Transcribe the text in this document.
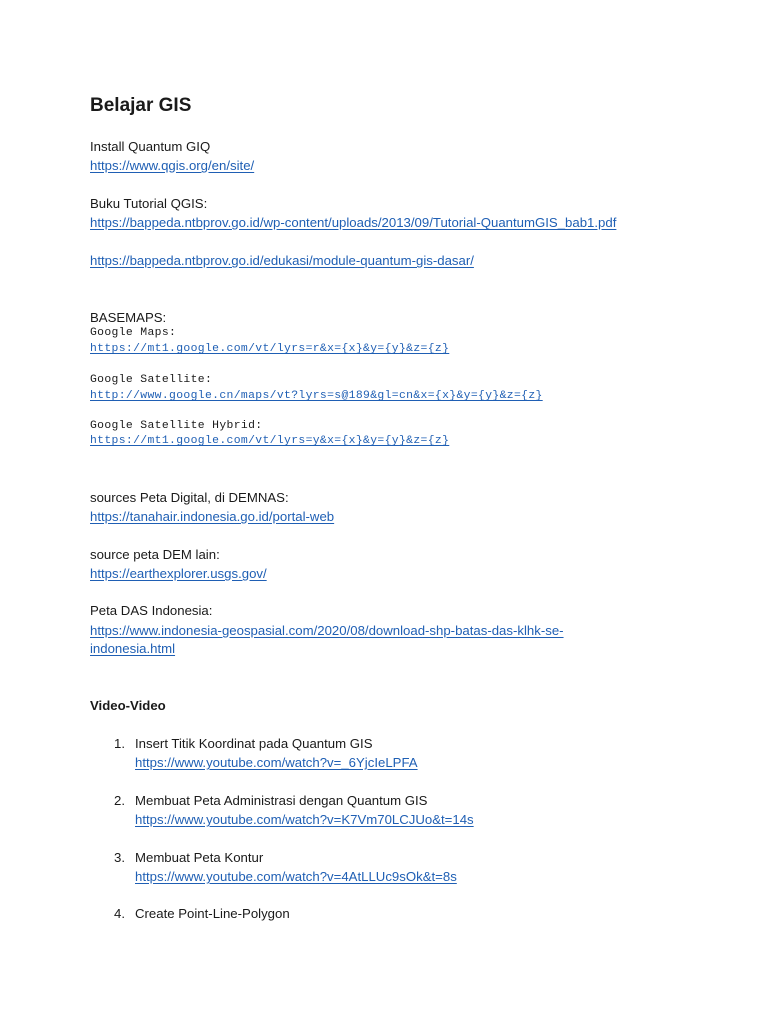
Belajar GIS
Install Quantum GIQ
https://www.qgis.org/en/site/
Buku Tutorial QGIS:
https://bappeda.ntbprov.go.id/wp-content/uploads/2013/09/Tutorial-QuantumGIS_bab1.pdf
https://bappeda.ntbprov.go.id/edukasi/module-quantum-gis-dasar/
BASEMAPS:
Google Maps:
https://mt1.google.com/vt/lyrs=r&x={x}&y={y}&z={z}
Google Satellite:
http://www.google.cn/maps/vt?lyrs=s@189&gl=cn&x={x}&y={y}&z={z}
Google Satellite Hybrid:
https://mt1.google.com/vt/lyrs=y&x={x}&y={y}&z={z}
sources Peta Digital, di DEMNAS:
https://tanahair.indonesia.go.id/portal-web
source peta DEM lain:
https://earthexplorer.usgs.gov/
Peta DAS Indonesia:
https://www.indonesia-geospasial.com/2020/08/download-shp-batas-das-klhk-se-
indonesia.html
Video-Video
1. Insert Titik Koordinat pada Quantum GIS
https://www.youtube.com/watch?v=_6YjcIeLPFA
2. Membuat Peta Administrasi dengan Quantum GIS
https://www.youtube.com/watch?v=K7Vm70LCJUo&t=14s
3. Membuat Peta Kontur
https://www.youtube.com/watch?v=4AtLLUc9sOk&t=8s
4. Create Point-Line-Polygon
